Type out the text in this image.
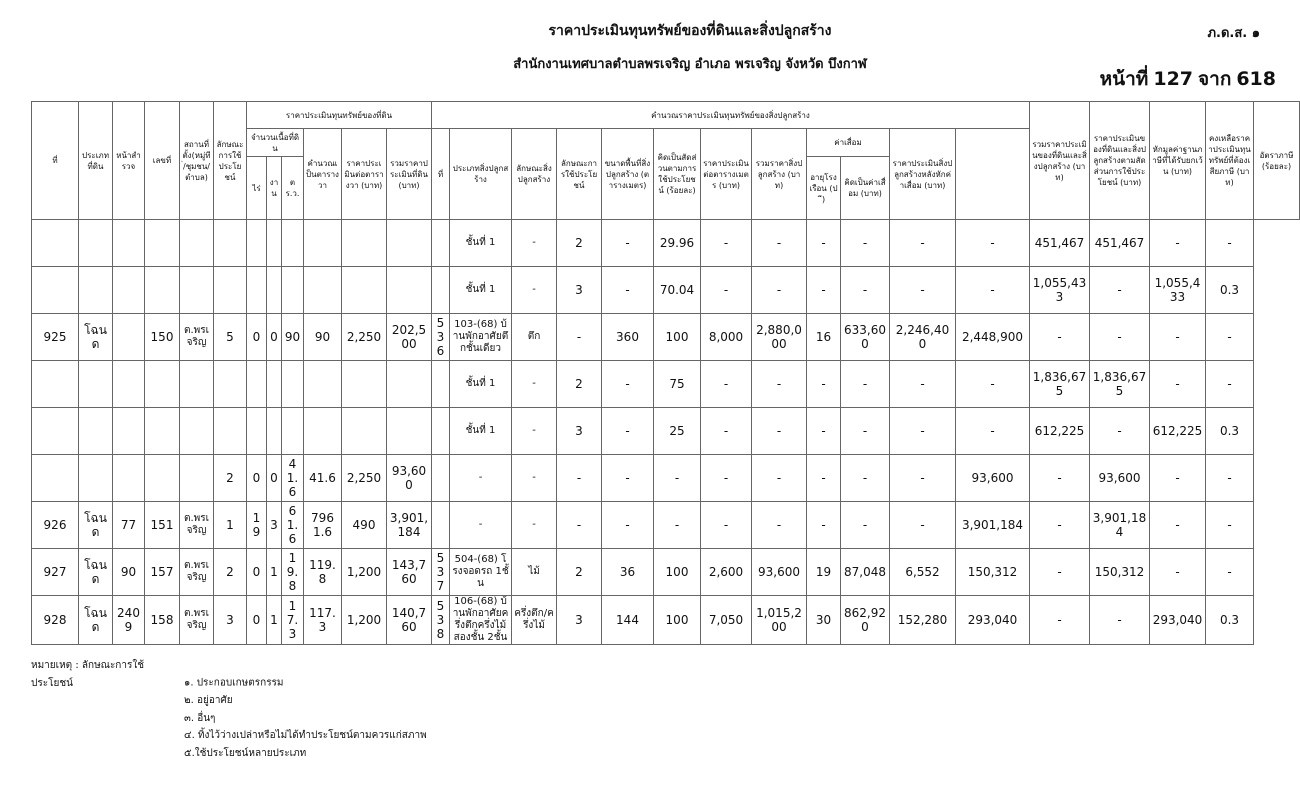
ราคาประเมินทุนทรัพย์ของที่ดินและสิ่งปลูกสร้าง
สำนักงานเทศบาลตำบลพรเจริญ อำเภอ พรเจริญ จังหวัด บึงกาฬ
ภ.ด.ส. ๑
หน้าที่ 127 จาก 618
ที่	ประเภทที่ดิน	หน้าสำรวจ	เลขที่	สถานที่ตั้ง(หมู่ที่/ชุมชน/ตำบล)	ลักษณะการใช้ประโยชน์	ราคาประเมินทุนทรัพย์ของที่ดิน						คำนวณราคาประเมินทุนทรัพย์ของสิ่งปลูกสร้าง												รวมราคาประเมินของที่ดินและสิ่งปลูกสร้าง (บาท)	ราคาประเมินของที่ดินและสิ่งปลูกสร้างตามสัดส่วนการใช้ประโยชน์ (บาท)	หักมูลค่าฐานภาษีที่ได้รับยกเว้น (บาท)	คงเหลือราคาประเมินทุนทรัพย์ที่ต้องเสียภาษี (บาท)	อัตราภาษี (ร้อยละ)
						จำนวนเนื้อที่ดิน			คำนวณเป็นตารางวา	ราคาประเมินต่อตารางวา (บาท)	รวมราคาประเมินที่ดิน (บาท)	ที่	ประเภทสิ่งปลูกสร้าง	ลักษณะสิ่งปลูกสร้าง	ลักษณะการใช้ประโยชน์	ขนาดพื้นที่สิ่งปลูกสร้าง (ตารางเมตร)	คิดเป็นสัดส่วนตามการใช้ประโยชน์ (ร้อยละ)	ราคาประเมินต่อตารางเมตร (บาท)	รวมราคาสิ่งปลูกสร้าง (บาท)	ค่าเสื่อม		ราคาประเมินสิ่งปลูกสร้างหลังหักค่าเสื่อม (บาท)						
						ไร่	งาน	ตร.ว.												อายุโรงเรือน (ปี)	คิดเป็นค่าเสื่อม (บาท)							
													ชั้นที่ 1	-	2	-	29.96	-	-	-	-	-	-	451,467	451,467	-	-	
													ชั้นที่ 1	-	3	-	70.04	-	-	-	-	-	-	1,055,433	-	1,055,433	0.3	
925	โฉนด		150	ต.พรเจริญ	5	0	0	90	90	2,250	202,500	536	103-(68) บ้านพักอาศัยตึกชั้นเดียว	ตึก	-	360	100	8,000	2,880,000	16	633,600	2,246,400	2,448,900	-	-	-	-	
													ชั้นที่ 1	-	2	-	75	-	-	-	-	-	-	1,836,675	1,836,675	-	-	
													ชั้นที่ 1	-	3	-	25	-	-	-	-	-	-	612,225	-	612,225	0.3	
					2	0	0	41.6	41.6	2,250	93,600		-	-	-	-	-	-	-	-	-	-	93,600	-	93,600	-	-	
926	โฉนด	77	151	ต.พรเจริญ	1	19	3	61.6	7961.6	490	3,901,184		-	-	-	-	-	-	-	-	-	-	3,901,184	-	3,901,184	-	-	
927	โฉนด	90	157	ต.พรเจริญ	2	0	1	19.8	119.8	1,200	143,760	537	504-(68) โรงจอดรถ 1ชั้น	ไม้	2	36	100	2,600	93,600	19	87,048	6,552	150,312	-	150,312	-	-	
928	โฉนด	2409	158	ต.พรเจริญ	3	0	1	17.3	117.3	1,200	140,760	538	106-(68) บ้านพักอาศัยครึ่งตึกครึ่งไม้สองชั้น 2ชั้น	ครึ่งตึก/ครึ่งไม้	3	144	100	7,050	1,015,200	30	862,920	152,280	293,040	-	-	293,040	0.3	
หมายเหตุ : ลักษณะการใช้ประโยชน์	๑. ประกอบเกษตรกรรม
๒. อยู่อาศัย
๓. อื่นๆ
๔. ทิ้งไว้ว่างเปล่าหรือไม่ได้ทำประโยชน์ตามควรแก่สภาพ
๕.ใช้ประโยชน์หลายประเภท
